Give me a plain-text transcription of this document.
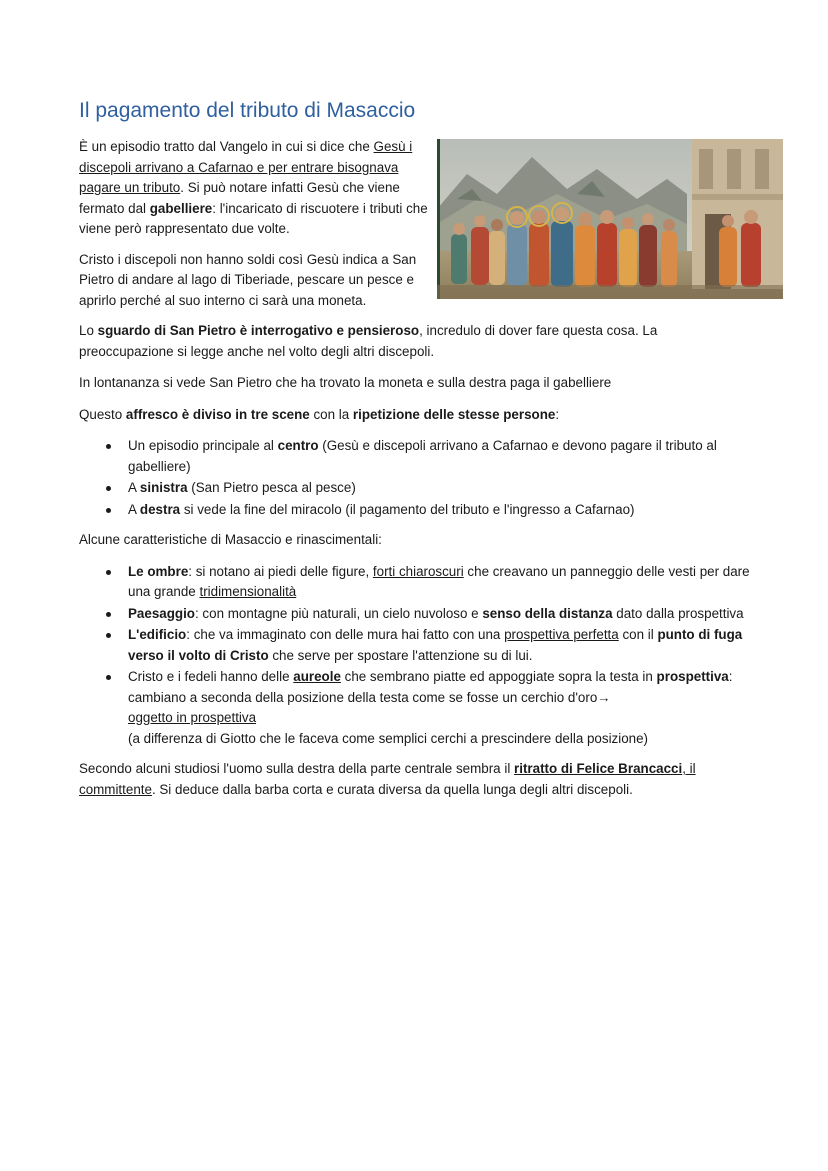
Il pagamento del tributo di Masaccio

È un episodio tratto dal Vangelo in cui si dice che Gesù i discepoli arrivano a Cafarnao e per entrare bisognava pagare un tributo. Si può notare infatti Gesù che viene fermato dal gabelliere: l'incaricato di riscuotere i tributi che viene però rappresentato due volte.

Cristo i discepoli non hanno soldi così Gesù indica a San Pietro di andare al lago di Tiberiade, pescare un pesce e aprirlo perché al suo interno ci sarà una moneta.

Lo sguardo di San Pietro è interrogativo e pensieroso, incredulo di dover fare questa cosa. La preoccupazione si legge anche nel volto degli altri discepoli.

In lontananza si vede San Pietro che ha trovato la moneta e sulla destra paga il gabelliere

Questo affresco è diviso in tre scene con la ripetizione delle stesse persone:

Un episodio principale al centro (Gesù e discepoli arrivano a Cafarnao e devono pagare il tributo al gabelliere)
A sinistra (San Pietro pesca al pesce)
A destra si vede la fine del miracolo (il pagamento del tributo e l'ingresso a Cafarnao)

Alcune caratteristiche di Masaccio e rinascimentali:

Le ombre: si notano ai piedi delle figure, forti chiaroscuri che creavano un panneggio delle vesti per dare una grande tridimensionalità
Paesaggio: con montagne più naturali, un cielo nuvoloso e senso della distanza dato dalla prospettiva
L'edificio: che va immaginato con delle mura hai fatto con una prospettiva perfetta con il punto di fuga verso il volto di Cristo che serve per spostare l'attenzione su di lui.
Cristo e i fedeli hanno delle aureole che sembrano piatte ed appoggiate sopra la testa in prospettiva: cambiano a seconda della posizione della testa come se fosse un cerchio d'oro→
oggetto in prospettiva
(a differenza di Giotto che le faceva come semplici cerchi a prescindere della posizione)

Secondo alcuni studiosi l'uomo sulla destra della parte centrale sembra il ritratto di Felice Brancacci, il committente. Si deduce dalla barba corta e curata diversa da quella lunga degli altri discepoli.
